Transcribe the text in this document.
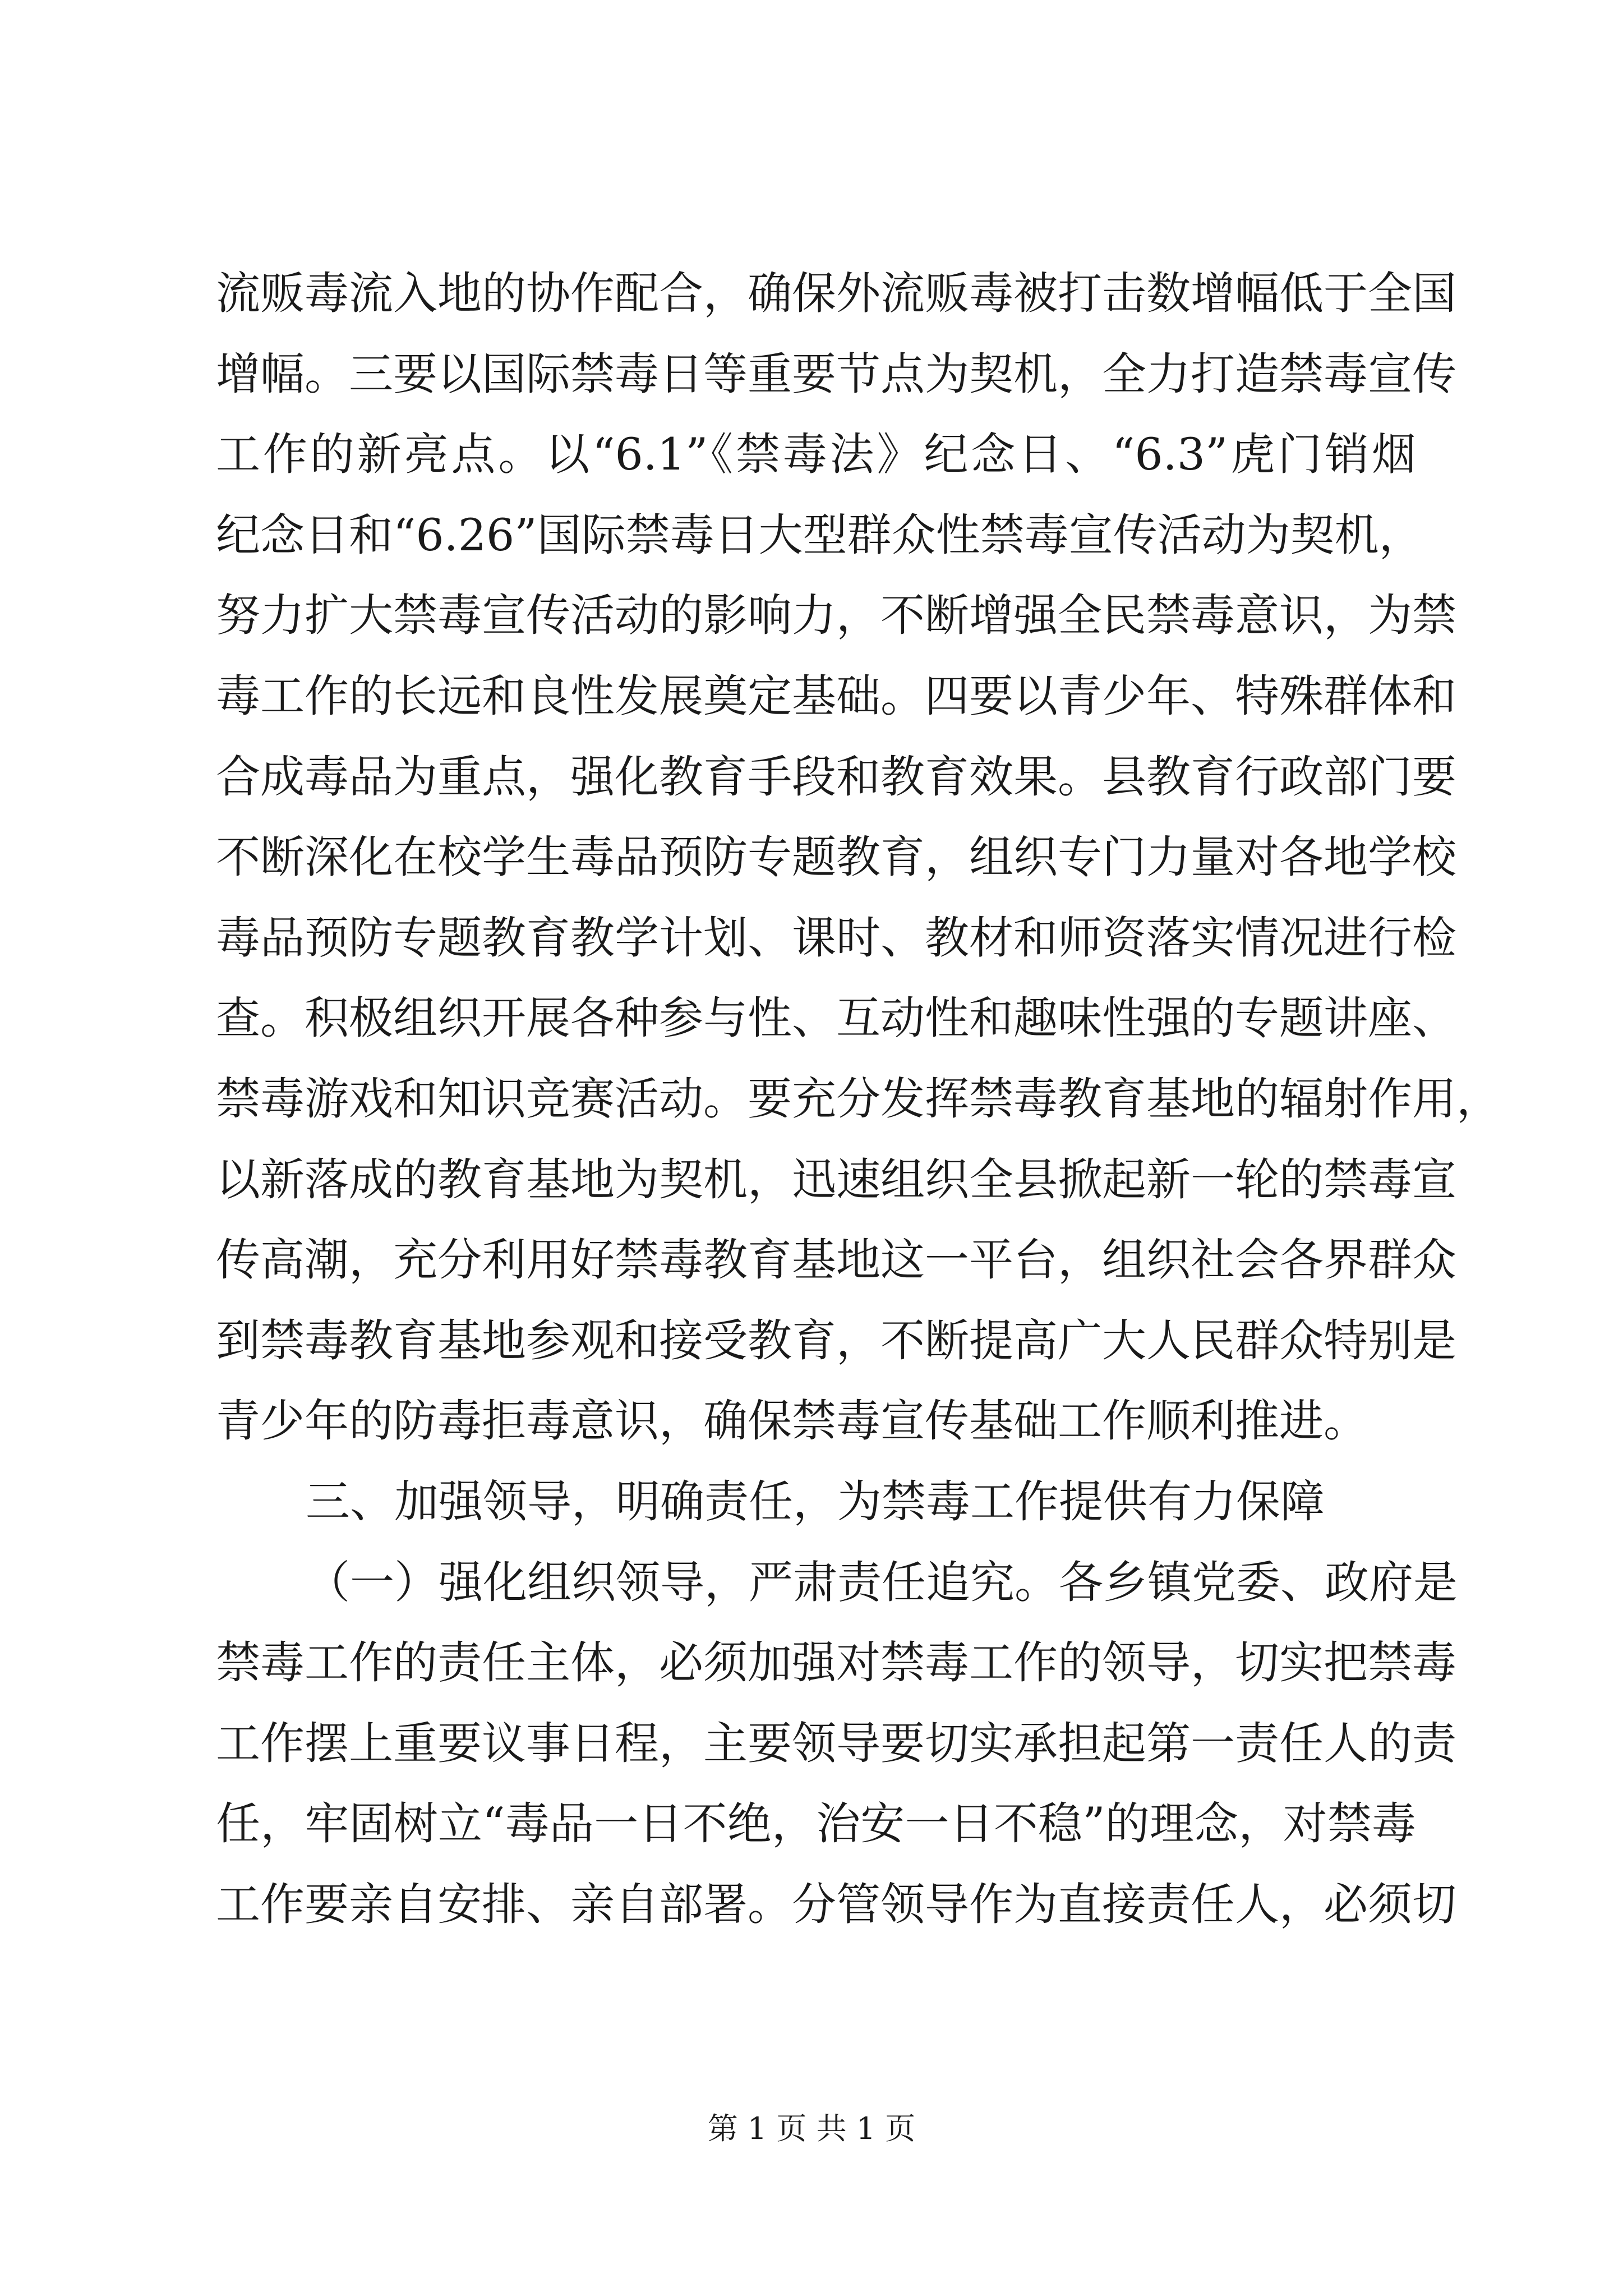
流贩毒流入地的协作配合，确保外流贩毒被打击数增幅低于全国
增幅。三要以国际禁毒日等重要节点为契机，全力打造禁毒宣传
工作的新亮点。以“6.1”《禁毒法》纪念日、“6.3”虎门销烟
纪念日和“6.26”国际禁毒日大型群众性禁毒宣传活动为契机，
努力扩大禁毒宣传活动的影响力，不断增强全民禁毒意识，为禁
毒工作的长远和良性发展奠定基础。四要以青少年、特殊群体和
合成毒品为重点，强化教育手段和教育效果。县教育行政部门要
不断深化在校学生毒品预防专题教育，组织专门力量对各地学校
毒品预防专题教育教学计划、课时、教材和师资落实情况进行检
查。积极组织开展各种参与性、互动性和趣味性强的专题讲座、
禁毒游戏和知识竞赛活动。要充分发挥禁毒教育基地的辐射作用，
以新落成的教育基地为契机，迅速组织全县掀起新一轮的禁毒宣
传高潮，充分利用好禁毒教育基地这一平台，组织社会各界群众
到禁毒教育基地参观和接受教育，不断提高广大人民群众特别是
青少年的防毒拒毒意识，确保禁毒宣传基础工作顺利推进。
三、加强领导，明确责任，为禁毒工作提供有力保障
（一）强化组织领导，严肃责任追究。各乡镇党委、政府是
禁毒工作的责任主体，必须加强对禁毒工作的领导，切实把禁毒
工作摆上重要议事日程，主要领导要切实承担起第一责任人的责
任，牢固树立“毒品一日不绝，治安一日不稳”的理念，对禁毒
工作要亲自安排、亲自部署。分管领导作为直接责任人，必须切
第 1 页 共 1 页
